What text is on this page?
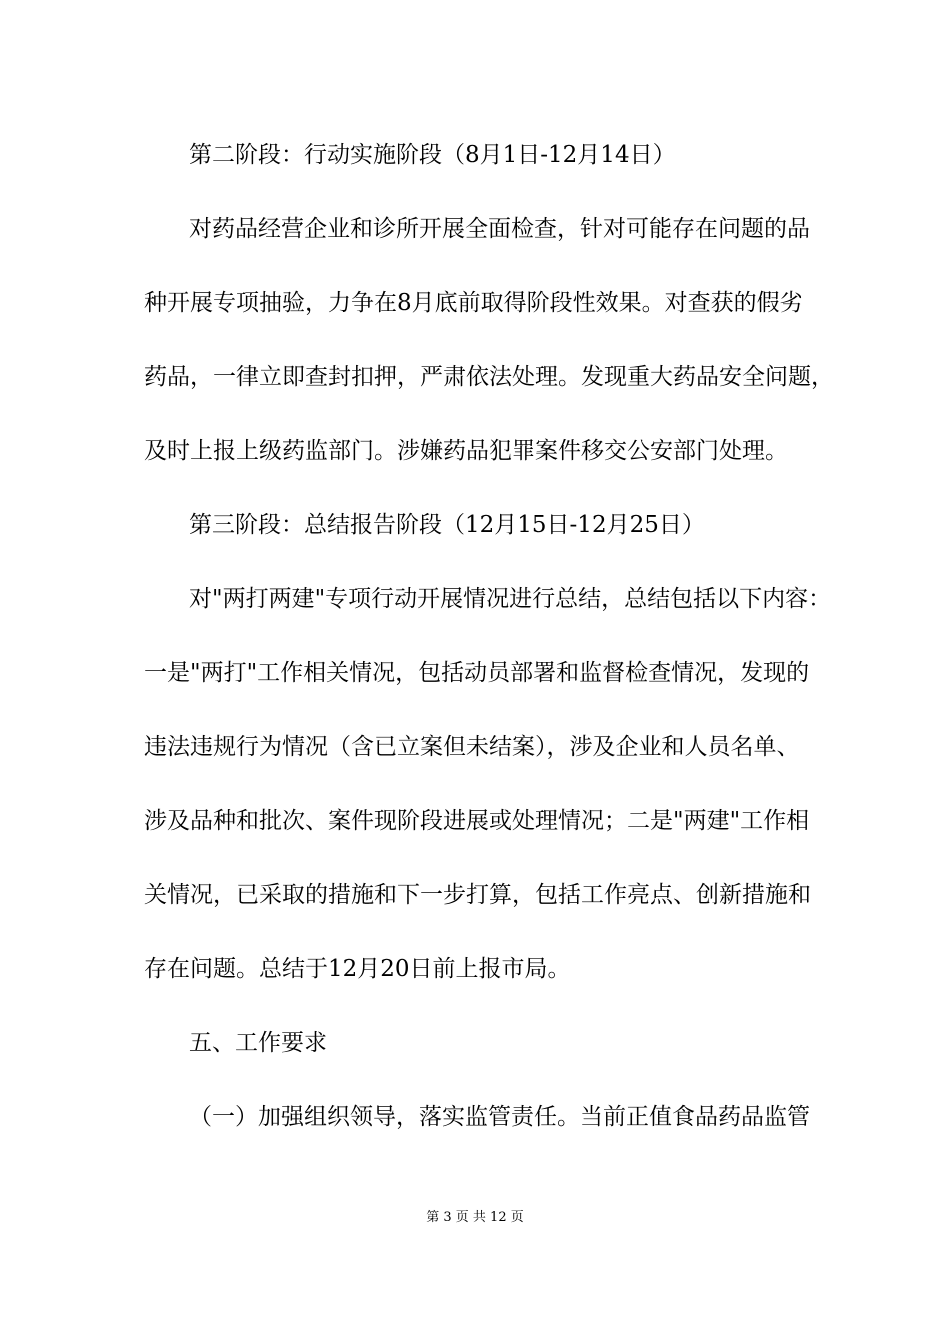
第二阶段：行动实施阶段（8月1日-12月14日）
对药品经营企业和诊所开展全面检查，针对可能存在问题的品
种开展专项抽验，力争在8月底前取得阶段性效果。对查获的假劣
药品，一律立即查封扣押，严肃依法处理。发现重大药品安全问题，
及时上报上级药监部门。涉嫌药品犯罪案件移交公安部门处理。
第三阶段：总结报告阶段（12月15日-12月25日）
对"两打两建"专项行动开展情况进行总结，总结包括以下内容：
一是"两打"工作相关情况，包括动员部署和监督检查情况，发现的
违法违规行为情况（含已立案但未结案），涉及企业和人员名单、
涉及品种和批次、案件现阶段进展或处理情况；二是"两建"工作相
关情况，已采取的措施和下一步打算，包括工作亮点、创新措施和
存在问题。总结于12月20日前上报市局。
五、工作要求
（一）加强组织领导，落实监管责任。当前正值食品药品监管
第 3 页 共 12 页
